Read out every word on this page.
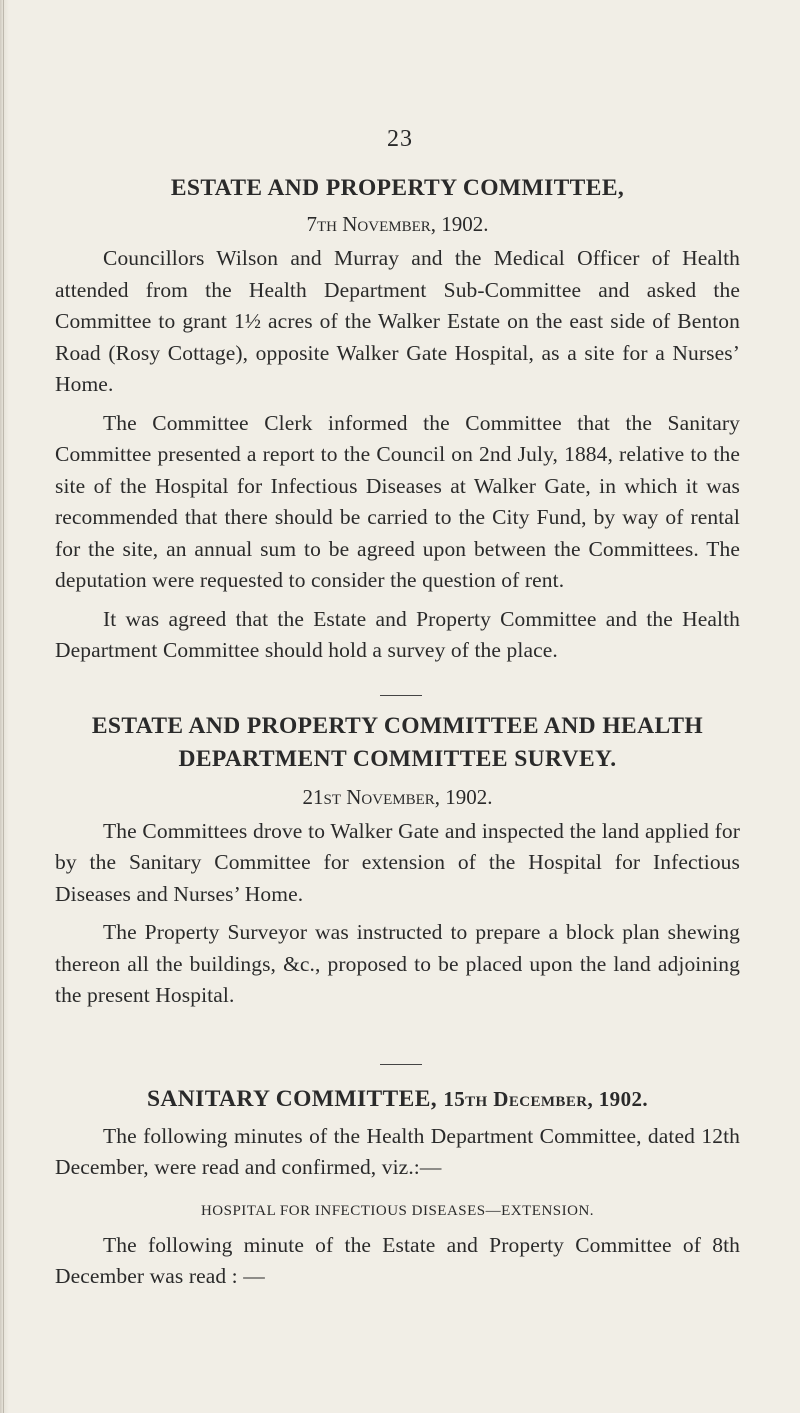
23
ESTATE AND PROPERTY COMMITTEE,

7th November, 1902.

Councillors Wilson and Murray and the Medical Officer of Health attended from the Health Department Sub-Committee and asked the Committee to grant 1½ acres of the Walker Estate on the east side of Benton Road (Rosy Cottage), opposite Walker Gate Hospital, as a site for a Nurses’ Home.

The Committee Clerk informed the Committee that the Sanitary Committee presented a report to the Council on 2nd July, 1884, relative to the site of the Hospital for Infectious Diseases at Walker Gate, in which it was recommended that there should be carried to the City Fund, by way of rental for the site, an annual sum to be agreed upon between the Committees. The deputation were requested to consider the question of rent.

It was agreed that the Estate and Property Committee and the Health Department Committee should hold a survey of the place.

ESTATE AND PROPERTY COMMITTEE AND HEALTH
DEPARTMENT COMMITTEE SURVEY.

21st November, 1902.

The Committees drove to Walker Gate and inspected the land applied for by the Sanitary Committee for extension of the Hospital for Infectious Diseases and Nurses’ Home.

The Property Surveyor was instructed to prepare a block plan shewing thereon all the buildings, &c., proposed to be placed upon the land adjoining the present Hospital.

SANITARY COMMITTEE, 15th December, 1902.

The following minutes of the Health Department Committee, dated 12th December, were read and confirmed, viz.:—

HOSPITAL FOR INFECTIOUS DISEASES—EXTENSION.

The following minute of the Estate and Property Committee of 8th December was read : —
